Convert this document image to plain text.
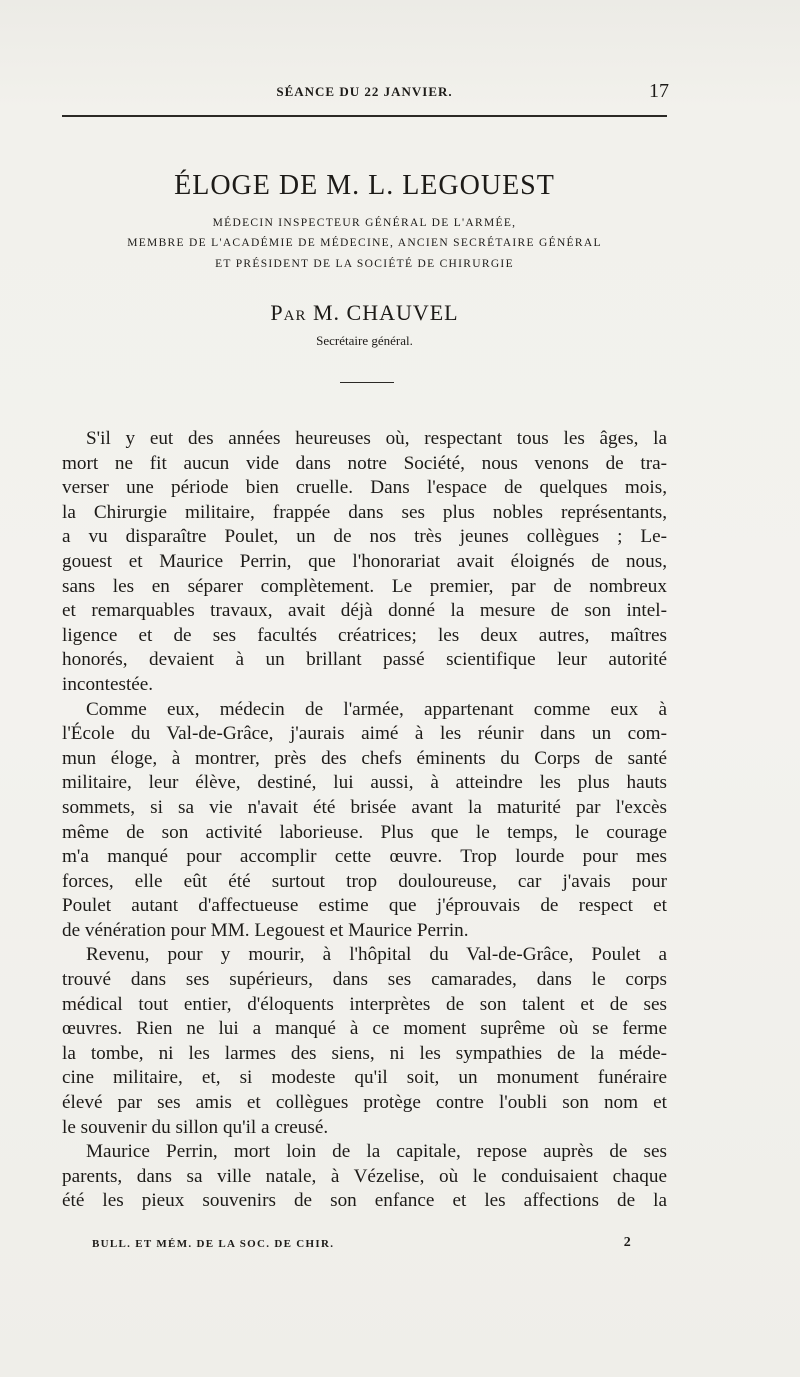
SÉANCE DU 22 JANVIER.	17
ÉLOGE DE M. L. LEGOUEST
MÉDECIN INSPECTEUR GÉNÉRAL DE L'ARMÉE,
MEMBRE DE L'ACADÉMIE DE MÉDECINE, ANCIEN SECRÉTAIRE GÉNÉRAL
ET PRÉSIDENT DE LA SOCIÉTÉ DE CHIRURGIE
Par M. CHAUVEL
Secrétaire général.
S'il y eut des années heureuses où, respectant tous les âges, la
mort ne fit aucun vide dans notre Société, nous venons de tra-
verser une période bien cruelle. Dans l'espace de quelques mois,
la Chirurgie militaire, frappée dans ses plus nobles représentants,
a vu disparaître Poulet, un de nos très jeunes collègues ; Le-
gouest et Maurice Perrin, que l'honorariat avait éloignés de nous,
sans les en séparer complètement. Le premier, par de nombreux
et remarquables travaux, avait déjà donné la mesure de son intel-
ligence et de ses facultés créatrices; les deux autres, maîtres
honorés, devaient à un brillant passé scientifique leur autorité
incontestée.
Comme eux, médecin de l'armée, appartenant comme eux à
l'École du Val-de-Grâce, j'aurais aimé à les réunir dans un com-
mun éloge, à montrer, près des chefs éminents du Corps de santé
militaire, leur élève, destiné, lui aussi, à atteindre les plus hauts
sommets, si sa vie n'avait été brisée avant la maturité par l'excès
même de son activité laborieuse. Plus que le temps, le courage
m'a manqué pour accomplir cette œuvre. Trop lourde pour mes
forces, elle eût été surtout trop douloureuse, car j'avais pour
Poulet autant d'affectueuse estime que j'éprouvais de respect et
de vénération pour MM. Legouest et Maurice Perrin.
Revenu, pour y mourir, à l'hôpital du Val-de-Grâce, Poulet a
trouvé dans ses supérieurs, dans ses camarades, dans le corps
médical tout entier, d'éloquents interprètes de son talent et de ses
œuvres. Rien ne lui a manqué à ce moment suprême où se ferme
la tombe, ni les larmes des siens, ni les sympathies de la méde-
cine militaire, et, si modeste qu'il soit, un monument funéraire
élevé par ses amis et collègues protège contre l'oubli son nom et
le souvenir du sillon qu'il a creusé.
Maurice Perrin, mort loin de la capitale, repose auprès de ses
parents, dans sa ville natale, à Vézelise, où le conduisaient chaque
été les pieux souvenirs de son enfance et les affections de la
BULL. ET MÉM. DE LA SOC. DE CHIR.	2
